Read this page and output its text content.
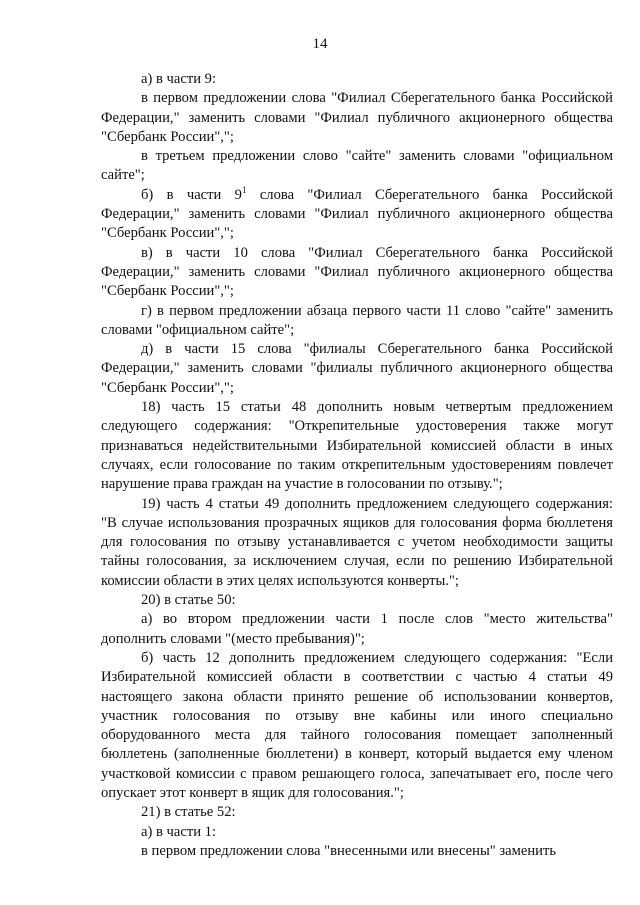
14

а) в части 9:

в первом предложении слова "Филиал Сберегательного банка Российской Федерации," заменить словами "Филиал публичного акционерного общества "Сбербанк России",";

в третьем предложении слово "сайте" заменить словами "официальном сайте";

б) в части $9^1$ слова "Филиал Сберегательного банка Российской Федерации," заменить словами "Филиал публичного акционерного общества "Сбербанк России",";

в) в части 10 слова "Филиал Сберегательного банка Российской Федерации," заменить словами "Филиал публичного акционерного общества "Сбербанк России",";

г) в первом предложении абзаца первого части 11 слово "сайте" заменить словами "официальном сайте";

д) в части 15 слова "филиалы Сберегательного банка Российской Федерации," заменить словами "филиалы публичного акционерного общества "Сбербанк России",";

18) часть 15 статьи 48 дополнить новым четвертым предложением следующего содержания: "Открепительные удостоверения также могут признаваться недействительными Избирательной комиссией области в иных случаях, если голосование по таким открепительным удостоверениям повлечет нарушение права граждан на участие в голосовании по отзыву.";

19) часть 4 статьи 49 дополнить предложением следующего содержания: "В случае использования прозрачных ящиков для голосования форма бюллетеня для голосования по отзыву устанавливается с учетом необходимости защиты тайны голосования, за исключением случая, если по решению Избирательной комиссии области в этих целях используются конверты.";

20) в статье 50:

а) во втором предложении части 1 после слов "место жительства" дополнить словами "(место пребывания)";

б) часть 12 дополнить предложением следующего содержания: "Если Избирательной комиссией области в соответствии с частью 4 статьи 49 настоящего закона области принято решение об использовании конвертов, участник голосования по отзыву вне кабины или иного специально оборудованного места для тайного голосования помещает заполненный бюллетень (заполненные бюллетени) в конверт, который выдается ему членом участковой комиссии с правом решающего голоса, запечатывает его, после чего опускает этот конверт в ящик для голосования.";

21) в статье 52:

а) в части 1:

в первом предложении слова "внесенными или внесены" заменить
